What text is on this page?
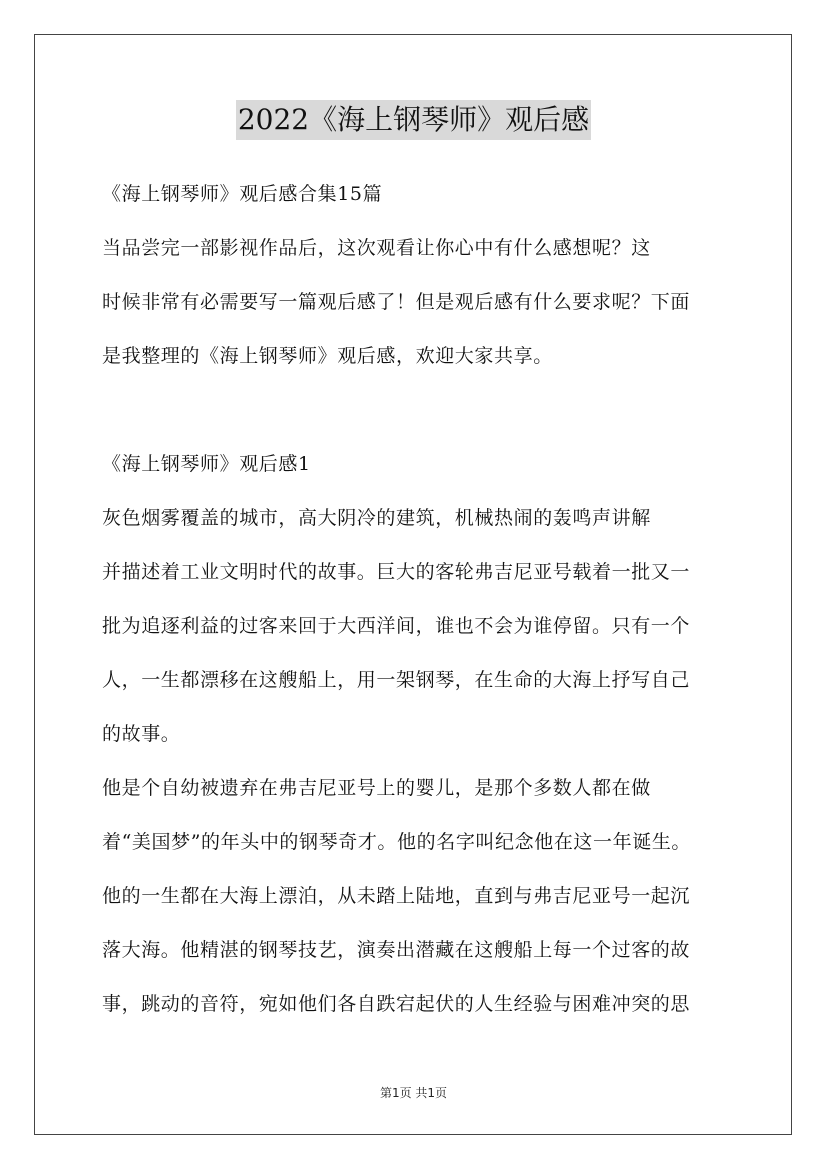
2022《海上钢琴师》观后感
《海上钢琴师》观后感合集15篇
当品尝完一部影视作品后，这次观看让你心中有什么感想呢？这
时候非常有必需要写一篇观后感了！但是观后感有什么要求呢？下面
是我整理的《海上钢琴师》观后感，欢迎大家共享。
《海上钢琴师》观后感1
灰色烟雾覆盖的城市，高大阴冷的建筑，机械热闹的轰鸣声讲解
并描述着工业文明时代的故事。巨大的客轮弗吉尼亚号载着一批又一
批为追逐利益的过客来回于大西洋间，谁也不会为谁停留。只有一个
人，一生都漂移在这艘船上，用一架钢琴，在生命的大海上抒写自己
的故事。
他是个自幼被遗弃在弗吉尼亚号上的婴儿，是那个多数人都在做
着“美国梦”的年头中的钢琴奇才。他的名字叫纪念他在这一年诞生。
他的一生都在大海上漂泊，从未踏上陆地，直到与弗吉尼亚号一起沉
落大海。他精湛的钢琴技艺，演奏出潜藏在这艘船上每一个过客的故
事，跳动的音符，宛如他们各自跌宕起伏的人生经验与困难冲突的思
第1页 共1页
